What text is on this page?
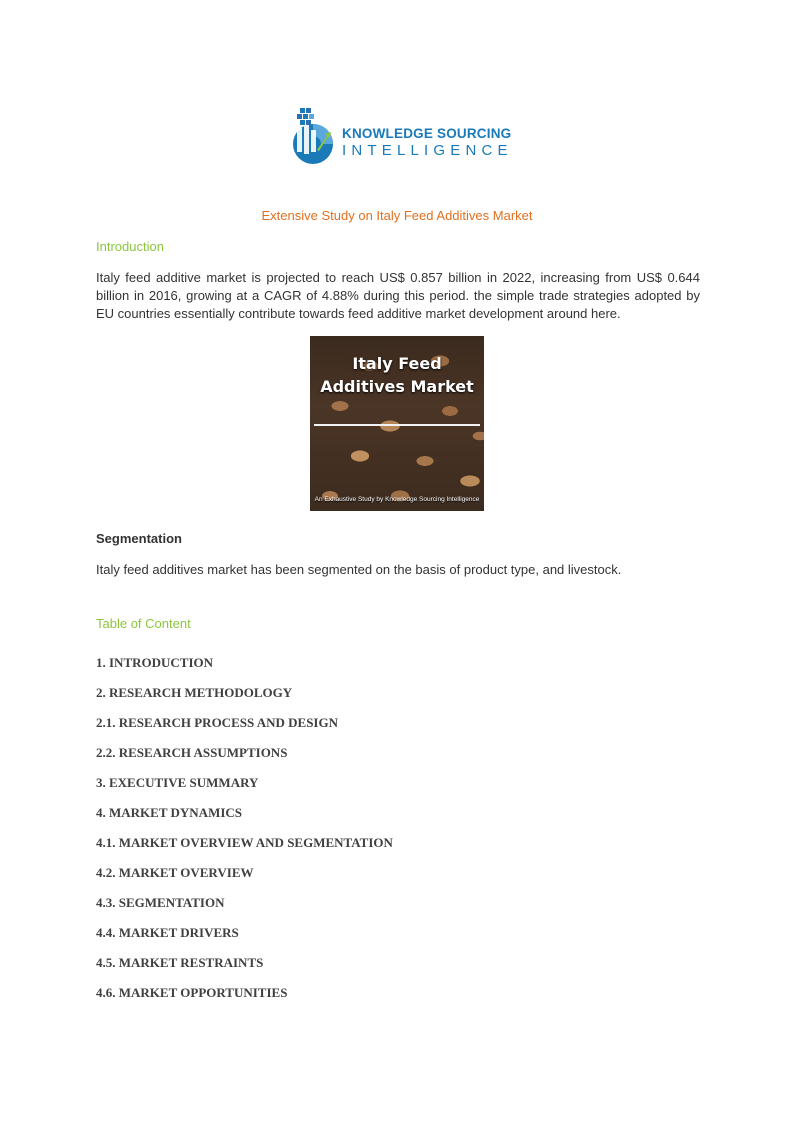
KNOWLEDGE SOURCING
INTELLIGENCE
Extensive Study on Italy Feed Additives Market
Introduction
Italy feed additive market is projected to reach US$ 0.857 billion in 2022, increasing from US$ 0.644 billion in 2016, growing at a CAGR of 4.88% during this period. the simple trade strategies adopted by EU countries essentially contribute towards feed additive market development around here.
Italy Feed Additives Market
An Exhaustive Study by Knowledge Sourcing Intelligence
Segmentation
Italy feed additives market has been segmented on the basis of product type, and livestock.
Table of Content
1. INTRODUCTION
2. RESEARCH METHODOLOGY
2.1. RESEARCH PROCESS AND DESIGN
2.2. RESEARCH ASSUMPTIONS
3. EXECUTIVE SUMMARY
4. MARKET DYNAMICS
4.1. MARKET OVERVIEW AND SEGMENTATION
4.2. MARKET OVERVIEW
4.3. SEGMENTATION
4.4. MARKET DRIVERS
4.5. MARKET RESTRAINTS
4.6. MARKET OPPORTUNITIES
